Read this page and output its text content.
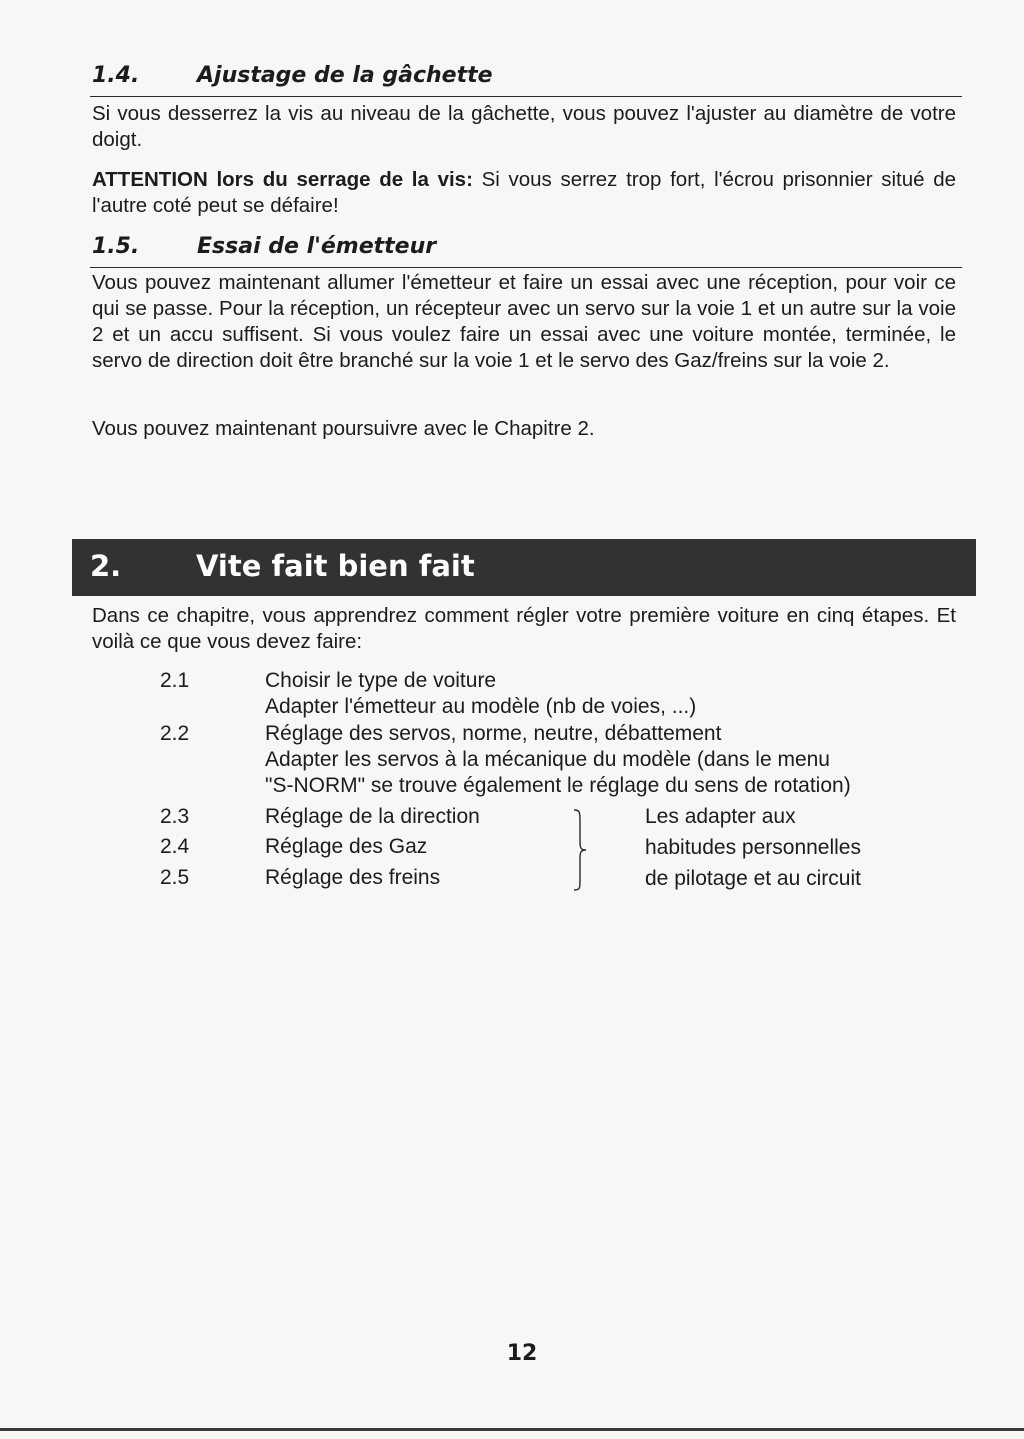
1.4.	Ajustage de la gâchette
Si vous desserrez la vis au niveau de la gâchette, vous pouvez l'ajuster au diamètre de votre doigt.
ATTENTION lors du serrage de la vis: Si vous serrez trop fort, l'écrou prisonnier situé de l'autre coté peut se défaire!
1.5.	Essai de l'émetteur
Vous pouvez maintenant allumer l'émetteur et faire un essai avec une réception, pour voir ce qui se passe. Pour la réception, un récepteur avec un servo sur la voie 1 et un autre sur la voie 2 et un accu suffisent. Si vous voulez faire un essai avec une voiture montée, terminée, le servo de direction doit être branché sur la voie 1 et le servo des Gaz/freins sur la voie 2.
Vous pouvez maintenant poursuivre avec le Chapitre 2.
2.	Vite fait bien fait
Dans ce chapitre, vous apprendrez comment régler votre première voiture en cinq étapes. Et voilà ce que vous devez faire:
2.1	Choisir le type de voiture
Adapter l'émetteur au modèle (nb de voies, ...)
2.2	Réglage des servos, norme, neutre, débattement
Adapter les servos à la mécanique du modèle (dans le menu
"S-NORM" se trouve également le réglage du sens de rotation)
2.3	Réglage de la direction
2.4	Réglage des Gaz
2.5	Réglage des freins
Les adapter aux
habitudes personnelles
de pilotage et au circuit
12
